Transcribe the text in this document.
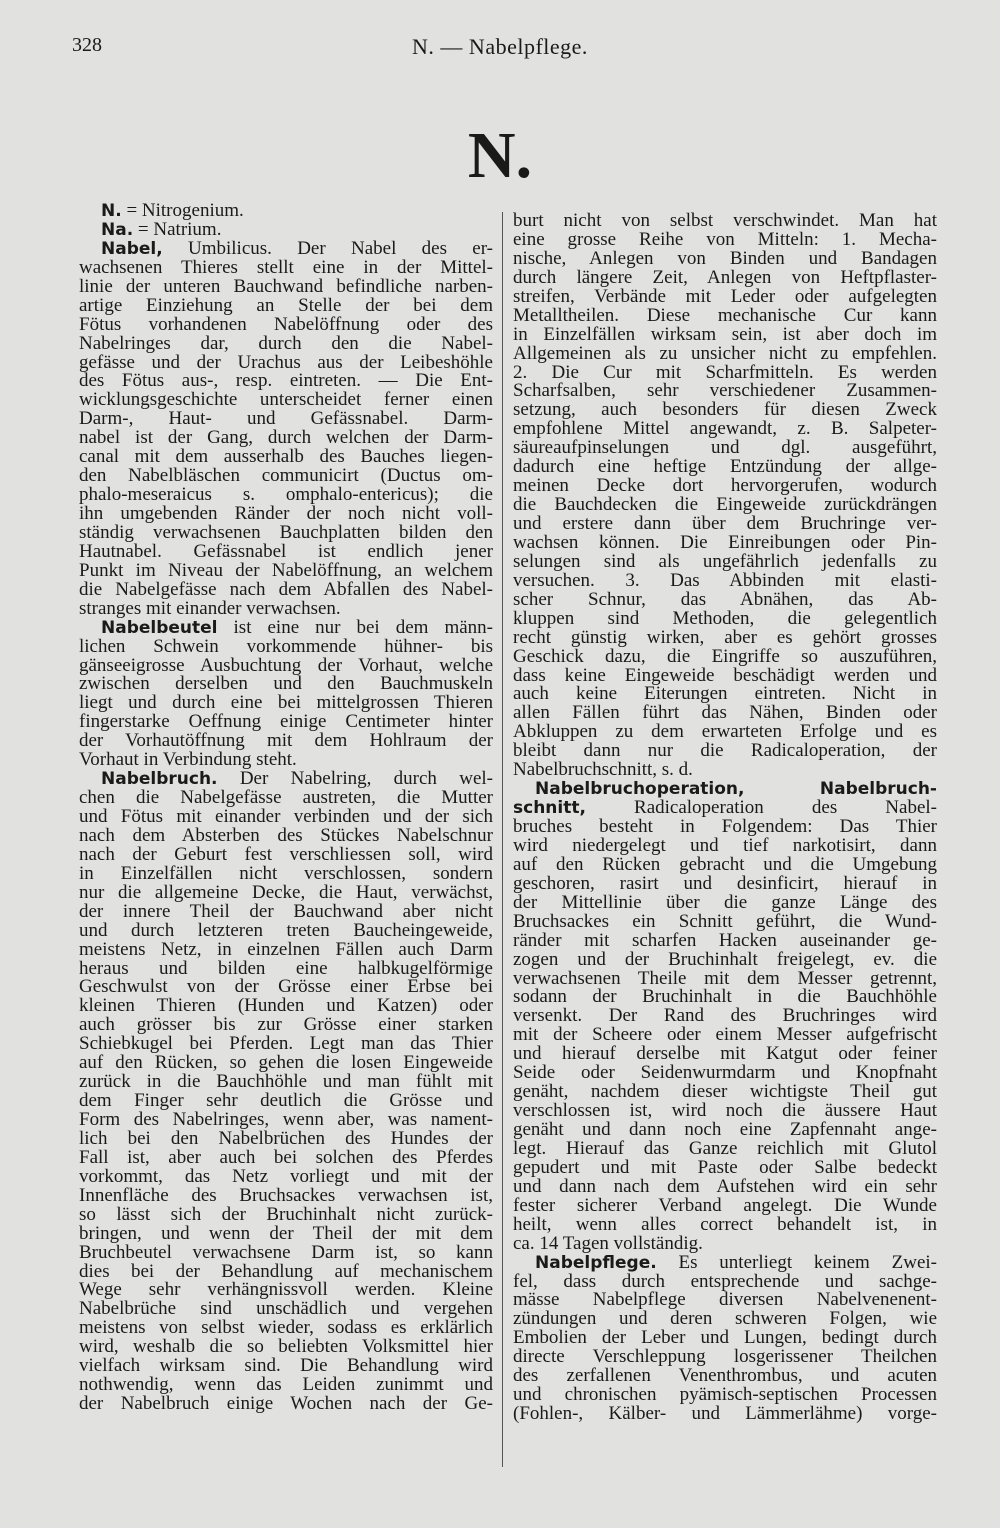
328	N. — Nabelpflege.
N.
N. = Nitrogenium.
Na. = Natrium.
Nabel, Umbilicus. Der Nabel des er-
wachsenen Thieres stellt eine in der Mittel-
linie der unteren Bauchwand befindliche narben-
artige Einziehung an Stelle der bei dem
Fötus vorhandenen Nabelöffnung oder des
Nabelringes dar, durch den die Nabel-
gefässe und der Urachus aus der Leibeshöhle
des Fötus aus-, resp. eintreten. — Die Ent-
wicklungsgeschichte unterscheidet ferner einen
Darm-, Haut- und Gefässnabel. Darm-
nabel ist der Gang, durch welchen der Darm-
canal mit dem ausserhalb des Bauches liegen-
den Nabelbläschen communicirt (Ductus om-
phalo-meseraicus s. omphalo-entericus); die
ihn umgebenden Ränder der noch nicht voll-
ständig verwachsenen Bauchplatten bilden den
Hautnabel. Gefässnabel ist endlich jener
Punkt im Niveau der Nabelöffnung, an welchem
die Nabelgefässe nach dem Abfallen des Nabel-
stranges mit einander verwachsen.
Nabelbeutel ist eine nur bei dem männ-
lichen Schwein vorkommende hühner- bis
gänseeigrosse Ausbuchtung der Vorhaut, welche
zwischen derselben und den Bauchmuskeln
liegt und durch eine bei mittelgrossen Thieren
fingerstarke Oeffnung einige Centimeter hinter
der Vorhautöffnung mit dem Hohlraum der
Vorhaut in Verbindung steht.
Nabelbruch. Der Nabelring, durch wel-
chen die Nabelgefässe austreten, die Mutter
und Fötus mit einander verbinden und der sich
nach dem Absterben des Stückes Nabelschnur
nach der Geburt fest verschliessen soll, wird
in Einzelfällen nicht verschlossen, sondern
nur die allgemeine Decke, die Haut, verwächst,
der innere Theil der Bauchwand aber nicht
und durch letzteren treten Baucheingeweide,
meistens Netz, in einzelnen Fällen auch Darm
heraus und bilden eine halbkugelförmige
Geschwulst von der Grösse einer Erbse bei
kleinen Thieren (Hunden und Katzen) oder
auch grösser bis zur Grösse einer starken
Schiebkugel bei Pferden. Legt man das Thier
auf den Rücken, so gehen die losen Eingeweide
zurück in die Bauchhöhle und man fühlt mit
dem Finger sehr deutlich die Grösse und
Form des Nabelringes, wenn aber, was nament-
lich bei den Nabelbrüchen des Hundes der
Fall ist, aber auch bei solchen des Pferdes
vorkommt, das Netz vorliegt und mit der
Innenfläche des Bruchsackes verwachsen ist,
so lässt sich der Bruchinhalt nicht zurück-
bringen, und wenn der Theil der mit dem
Bruchbeutel verwachsene Darm ist, so kann
dies bei der Behandlung auf mechanischem
Wege sehr verhängnissvoll werden. Kleine
Nabelbrüche sind unschädlich und vergehen
meistens von selbst wieder, sodass es erklärlich
wird, weshalb die so beliebten Volksmittel hier
vielfach wirksam sind. Die Behandlung wird
nothwendig, wenn das Leiden zunimmt und
der Nabelbruch einige Wochen nach der Ge-
burt nicht von selbst verschwindet. Man hat
eine grosse Reihe von Mitteln: 1. Mecha-
nische, Anlegen von Binden und Bandagen
durch längere Zeit, Anlegen von Heftpflaster-
streifen, Verbände mit Leder oder aufgelegten
Metalltheilen. Diese mechanische Cur kann
in Einzelfällen wirksam sein, ist aber doch im
Allgemeinen als zu unsicher nicht zu empfehlen.
2. Die Cur mit Scharfmitteln. Es werden
Scharfsalben, sehr verschiedener Zusammen-
setzung, auch besonders für diesen Zweck
empfohlene Mittel angewandt, z. B. Salpeter-
säureaufpinselungen und dgl. ausgeführt,
dadurch eine heftige Entzündung der allge-
meinen Decke dort hervorgerufen, wodurch
die Bauchdecken die Eingeweide zurückdrängen
und erstere dann über dem Bruchringe ver-
wachsen können. Die Einreibungen oder Pin-
selungen sind als ungefährlich jedenfalls zu
versuchen. 3. Das Abbinden mit elasti-
scher Schnur, das Abnähen, das Ab-
kluppen sind Methoden, die gelegentlich
recht günstig wirken, aber es gehört grosses
Geschick dazu, die Eingriffe so auszuführen,
dass keine Eingeweide beschädigt werden und
auch keine Eiterungen eintreten. Nicht in
allen Fällen führt das Nähen, Binden oder
Abkluppen zu dem erwarteten Erfolge und es
bleibt dann nur die Radicaloperation, der
Nabelbruchschnitt, s. d.
Nabelbruchoperation, Nabelbruch-
schnitt, Radicaloperation des Nabel-
bruches besteht in Folgendem: Das Thier
wird niedergelegt und tief narkotisirt, dann
auf den Rücken gebracht und die Umgebung
geschoren, rasirt und desinficirt, hierauf in
der Mittellinie über die ganze Länge des
Bruchsackes ein Schnitt geführt, die Wund-
ränder mit scharfen Hacken auseinander ge-
zogen und der Bruchinhalt freigelegt, ev. die
verwachsenen Theile mit dem Messer getrennt,
sodann der Bruchinhalt in die Bauchhöhle
versenkt. Der Rand des Bruchringes wird
mit der Scheere oder einem Messer aufgefrischt
und hierauf derselbe mit Katgut oder feiner
Seide oder Seidenwurmdarm und Knopfnaht
genäht, nachdem dieser wichtigste Theil gut
verschlossen ist, wird noch die äussere Haut
genäht und dann noch eine Zapfennaht ange-
legt. Hierauf das Ganze reichlich mit Glutol
gepudert und mit Paste oder Salbe bedeckt
und dann nach dem Aufstehen wird ein sehr
fester sicherer Verband angelegt. Die Wunde
heilt, wenn alles correct behandelt ist, in
ca. 14 Tagen vollständig.
Nabelpflege. Es unterliegt keinem Zwei-
fel, dass durch entsprechende und sachge-
mässe Nabelpflege diversen Nabelvenenent-
zündungen und deren schweren Folgen, wie
Embolien der Leber und Lungen, bedingt durch
directe Verschleppung losgerissener Theilchen
des zerfallenen Venenthrombus, und acuten
und chronischen pyämisch-septischen Processen
(Fohlen-, Kälber- und Lämmerlähme) vorge-
